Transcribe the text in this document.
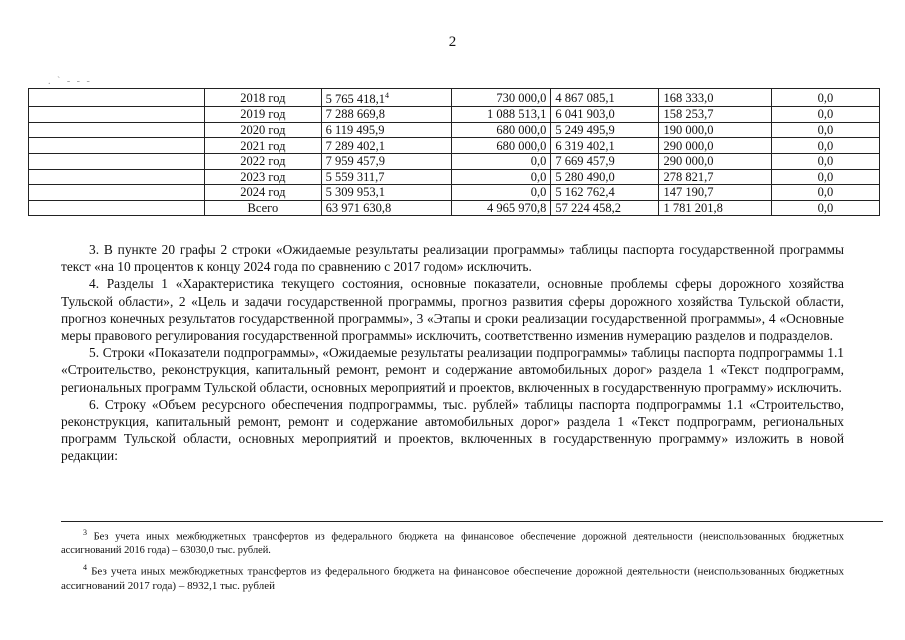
2
. ` - - -
	2018 год	5 765 418,1$^4$	730 000,0	4 867 085,1	168 333,0	0,0
	2019 год	7 288 669,8	1 088 513,1	6 041 903,0	158 253,7	0,0
	2020 год	6 119 495,9	680 000,0	5 249 495,9	190 000,0	0,0
	2021 год	7 289 402,1	680 000,0	6 319 402,1	290 000,0	0,0
	2022 год	7 959 457,9	0,0	7 669 457,9	290 000,0	0,0
	2023 год	5 559 311,7	0,0	5 280 490,0	278 821,7	0,0
	2024 год	5 309 953,1	0,0	5 162 762,4	147 190,7	0,0
	Всего	63 971 630,8	4 965 970,8	57 224 458,2	1 781 201,8	0,0

3. В пункте 20 графы 2 строки «Ожидаемые результаты реализации программы» таблицы паспорта государственной программы текст «на 10 процентов к концу 2024 года по сравнению с 2017 годом» исключить.

4. Разделы 1 «Характеристика текущего состояния, основные показатели, основные проблемы сферы дорожного хозяйства Тульской области», 2 «Цель и задачи государственной программы, прогноз развития сферы дорожного хозяйства Тульской области, прогноз конечных результатов государственной программы», 3 «Этапы и сроки реализации государственной программы», 4 «Основные меры правового регулирования государственной программы» исключить, соответственно изменив нумерацию разделов и подразделов.

5. Строки «Показатели подпрограммы», «Ожидаемые результаты реализации подпрограммы» таблицы паспорта подпрограммы 1.1 «Строительство, реконструкция, капитальный ремонт, ремонт и содержание автомобильных дорог» раздела 1 «Текст подпрограмм, региональных программ Тульской области, основных мероприятий и проектов, включенных в государственную программу» исключить.

6. Строку «Объем ресурсного обеспечения подпрограммы, тыс. рублей» таблицы паспорта подпрограммы 1.1 «Строительство, реконструкция, капитальный ремонт, ремонт и содержание автомобильных дорог» раздела 1 «Текст подпрограмм, региональных программ Тульской области, основных мероприятий и проектов, включенных в государственную программу» изложить в новой редакции:

$^3$ Без учета иных межбюджетных трансфертов из федерального бюджета на финансовое обеспечение дорожной деятельности (неиспользованных бюджетных ассигнований 2016 года) – 63030,0 тыс. рублей.

$^4$ Без учета иных межбюджетных трансфертов из федерального бюджета на финансовое обеспечение дорожной деятельности (неиспользованных бюджетных ассигнований 2017 года) – 8932,1 тыс. рублей
